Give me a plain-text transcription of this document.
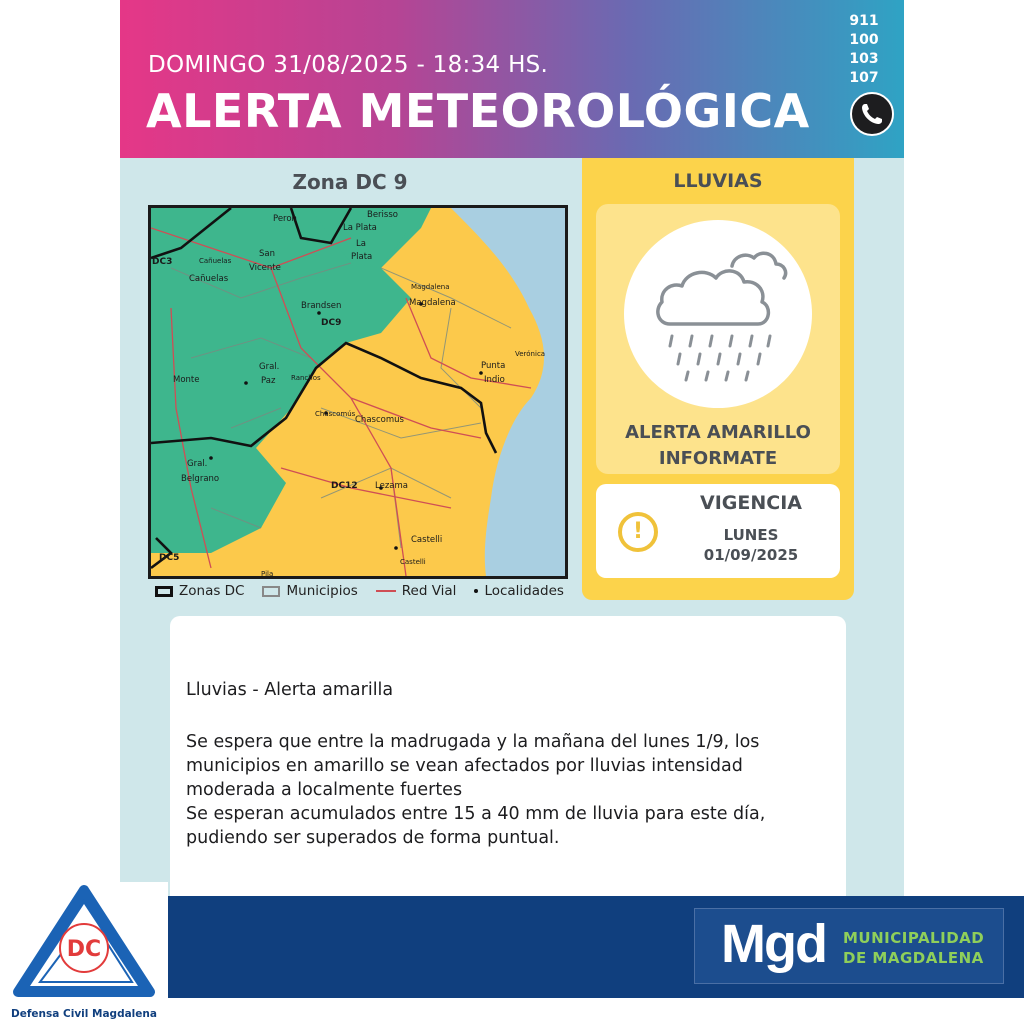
DOMINGO 31/08/2025 - 18:34 HS.
ALERTA METEOROLÓGICA
911
100
103
107
Zona DC 9
Peron	Berisso
La Plata
La
Plata
DC3	Cañuelas
Cañuelas
San
Vicente
Magdalena
Magdalena
Brandsen
DC9
Monte
Gral.
Paz Ranchos
Punta
Indio
Verónica
Chascomús
Chascomus
Gral.
Belgrano
DC12 Lezama
Castelli
Castelli
DC5
Pila
Zonas DC	Municipios	Red Vial Localidades
LLUVIAS
ALERTA AMARILLO
INFORMATE
!
VIGENCIA
LUNES
01/09/2025

Lluvias - Alerta amarilla

Se espera que entre la madrugada y la mañana del lunes 1/9, los
municipios en amarillo se vean afectados por lluvias intensidad
moderada a localmente fuertes
Se esperan acumulados entre 15 a 40 mm de lluvia para este día,
pudiendo ser superados de forma puntual.

DC
Defensa Civil Magdalena
Mgd MUNICIPALIDAD
DE MAGDALENA
